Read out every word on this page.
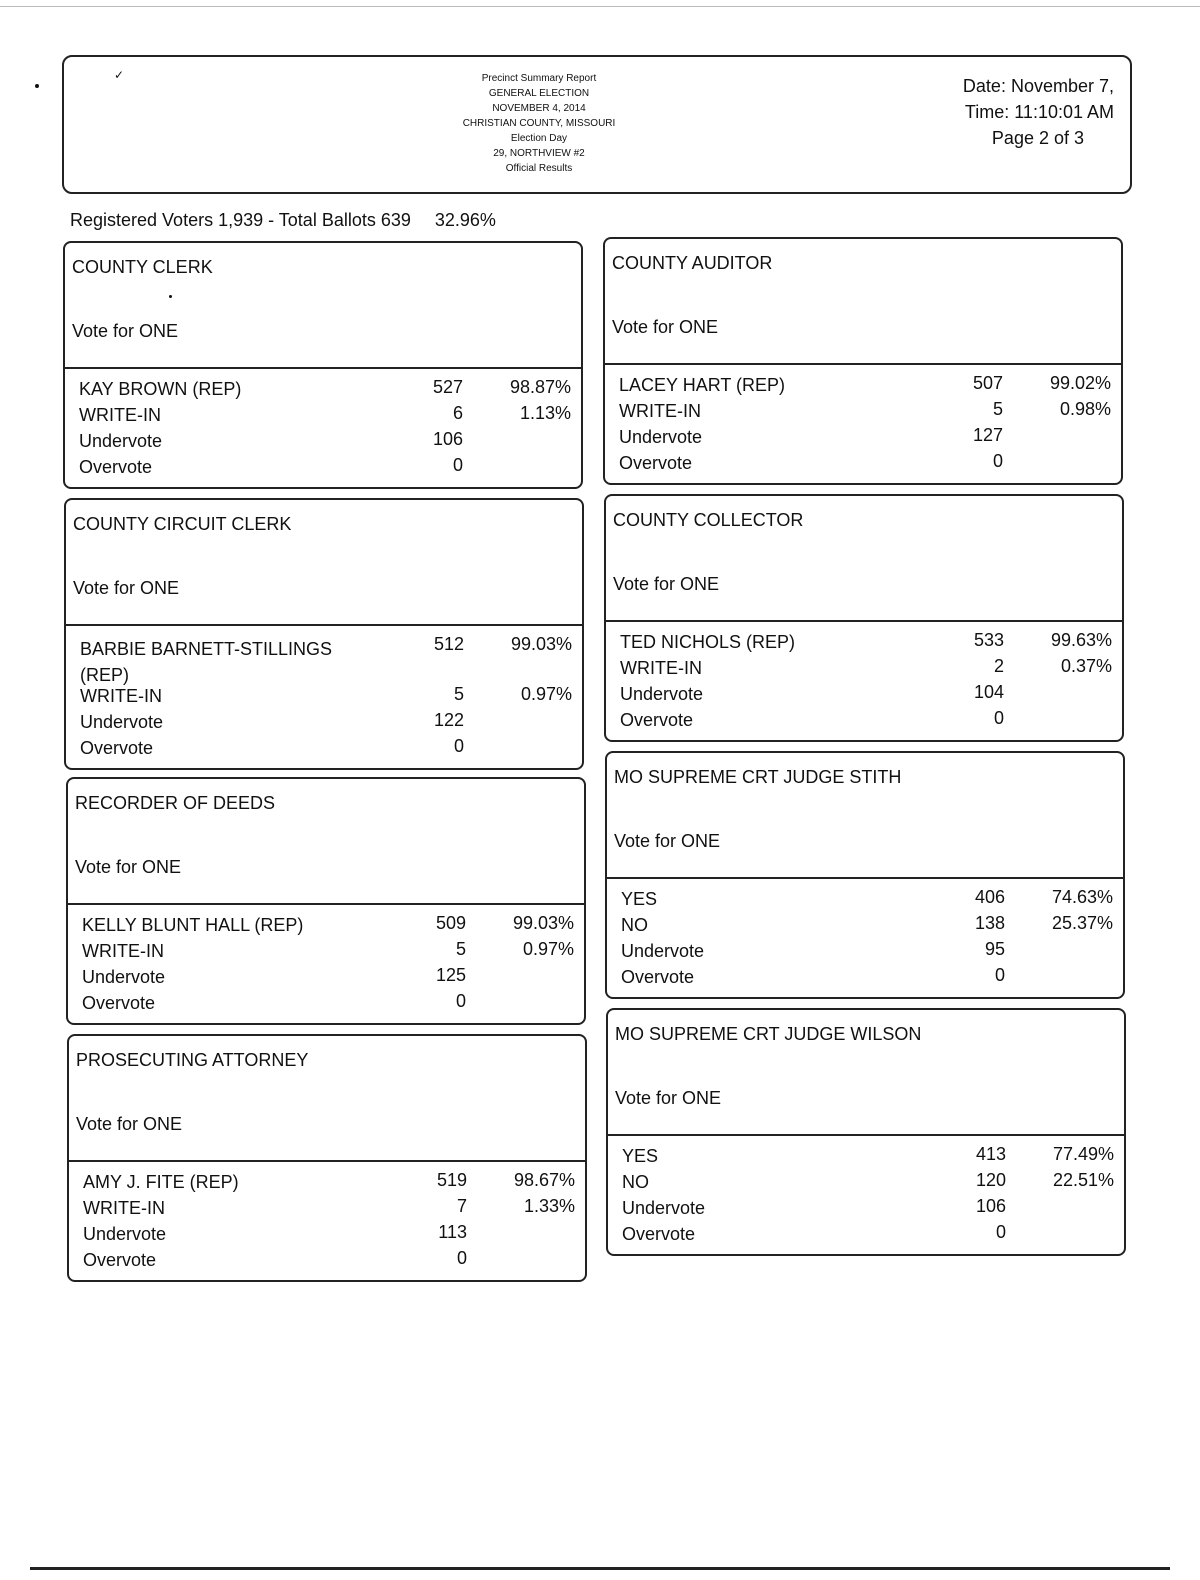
✓	Precinct Summary Report
GENERAL ELECTION
NOVEMBER 4, 2014
CHRISTIAN COUNTY, MISSOURI
Election Day
29, NORTHVIEW #2
Official Results
Date: November 7,
Time: 11:10:01 AM
Page 2 of 3
Registered Voters 1,939 - Total Ballots 639 32.96%
COUNTY CLERK
Vote for ONE
KAY BROWN (REP)	527	98.87%
WRITE-IN	6	1.13%
Undervote	106
Overvote	0
COUNTY CIRCUIT CLERK
Vote for ONE
BARBIE BARNETT-STILLINGS
(REP)
512	99.03%
WRITE-IN	5	0.97%
Undervote	122
Overvote	0
RECORDER OF DEEDS
Vote for ONE
KELLY BLUNT HALL (REP)	509	99.03%
WRITE-IN	5	0.97%
Undervote	125
Overvote	0
PROSECUTING ATTORNEY
Vote for ONE
AMY J. FITE (REP)	519	98.67%
WRITE-IN	7	1.33%
Undervote	113
Overvote	0
COUNTY AUDITOR
Vote for ONE
LACEY HART (REP)	507	99.02%
WRITE-IN	5	0.98%
Undervote	127
Overvote	0
COUNTY COLLECTOR
Vote for ONE
TED NICHOLS (REP)	533	99.63%
WRITE-IN	2	0.37%
Undervote	104
Overvote	0
MO SUPREME CRT JUDGE STITH
Vote for ONE
YES	406	74.63%
NO	138	25.37%
Undervote	95
Overvote	0
MO SUPREME CRT JUDGE WILSON
Vote for ONE
YES	413	77.49%
NO	120	22.51%
Undervote	106
Overvote	0
